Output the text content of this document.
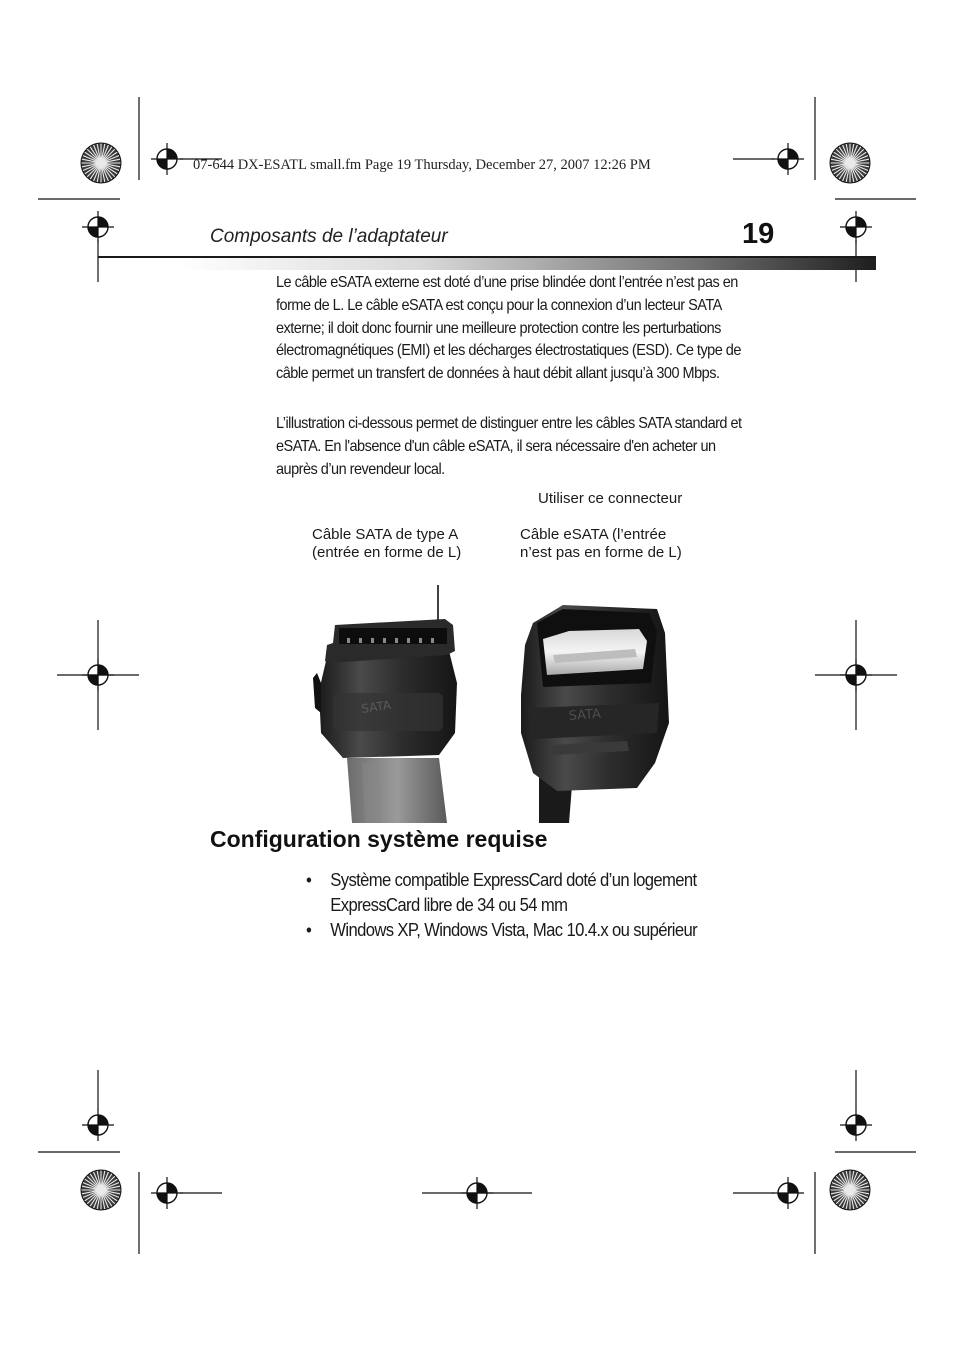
07-644 DX-ESATL small.fm Page 19 Thursday, December 27, 2007 12:26 PM
Composants de l’adaptateur	19
Le câble eSATA externe est doté d’une prise blindée dont l’entrée n’est pas en forme de L. Le câble eSATA est conçu pour la connexion d’un lecteur SATA externe; il doit donc fournir une meilleure protection contre les perturbations électromagnétiques (EMI) et les décharges électrostatiques (ESD). Ce type de câble permet un transfert de données à haut débit allant jusqu’à 300 Mbps.
L’illustration ci-dessous permet de distinguer entre les câbles SATA standard et eSATA. En l'absence d'un câble eSATA, il sera nécessaire d'en acheter un auprès d’un revendeur local.
Utiliser ce connecteur
Câble SATA de type A
(entrée en forme de L)
Câble eSATA (l’entrée
n’est pas en forme de L)
SATA	SATA
Configuration système requise
•	Système compatible ExpressCard doté d’un logement ExpressCard libre de 34 ou 54 mm
•	Windows XP, Windows Vista, Mac 10.4.x ou supérieur
